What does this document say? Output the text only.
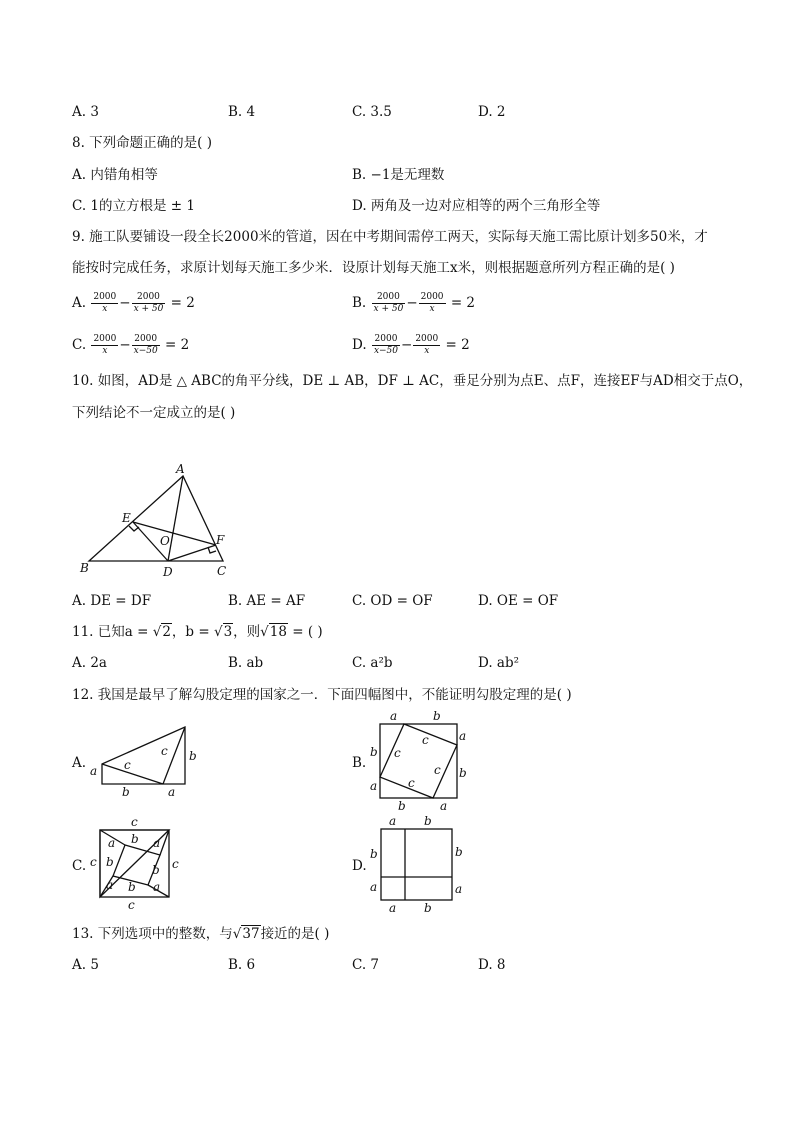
A. 3	B. 4	C. 3.5	D. 2
8. 下列命题正确的是( )
A. 内错角相等	B. −1是无理数
C. 1的立方根是 ± 1	D. 两角及一边对应相等的两个三角形全等
9. 施工队要铺设一段全长2000米的管道，因在中考期间需停工两天，实际每天施工需比原计划多50米，才
能按时完成任务，求原计划每天施工多少米．设原计划每天施工x米，则根据题意所列方程正确的是( )
A. $\frac{2000}{x} - \frac{2000}{x + 50} = 2$	B. $\frac{2000}{x + 50} - \frac{2000}{x} = 2$
C. $\frac{2000}{x} - \frac{2000}{x-50} = 2$	D. $\frac{2000}{x-50} - \frac{2000}{x} = 2$
10. 如图，AD是 △ ABC的角平分线，DE ⊥ AB，DF ⊥ AC，垂足分别为点E、点F，连接EF与AD相交于点O，
下列结论不一定成立的是( )
A
B	C
D
E
F
O
A. DE = DF	B. AE = AF	C. OD = OF	D. OE = OF
11. 已知a = √2，b = √3，则√18 = ( )
A. 2a	B. ab	C. a²b	D. ab²
12. 我国是最早了解勾股定理的国家之一．下面四幅图中，不能证明勾股定理的是( )
A.	B.
C.	D.
a c
c b
b	a
a	b
a
b
b
a
b	a
c
c
c
c
c
c	c
c
a b a
b
b
a b a
a b
b
a
b
a
a b
13. 下列选项中的整数，与√37接近的是( )
A. 5	B. 6	C. 7	D. 8
